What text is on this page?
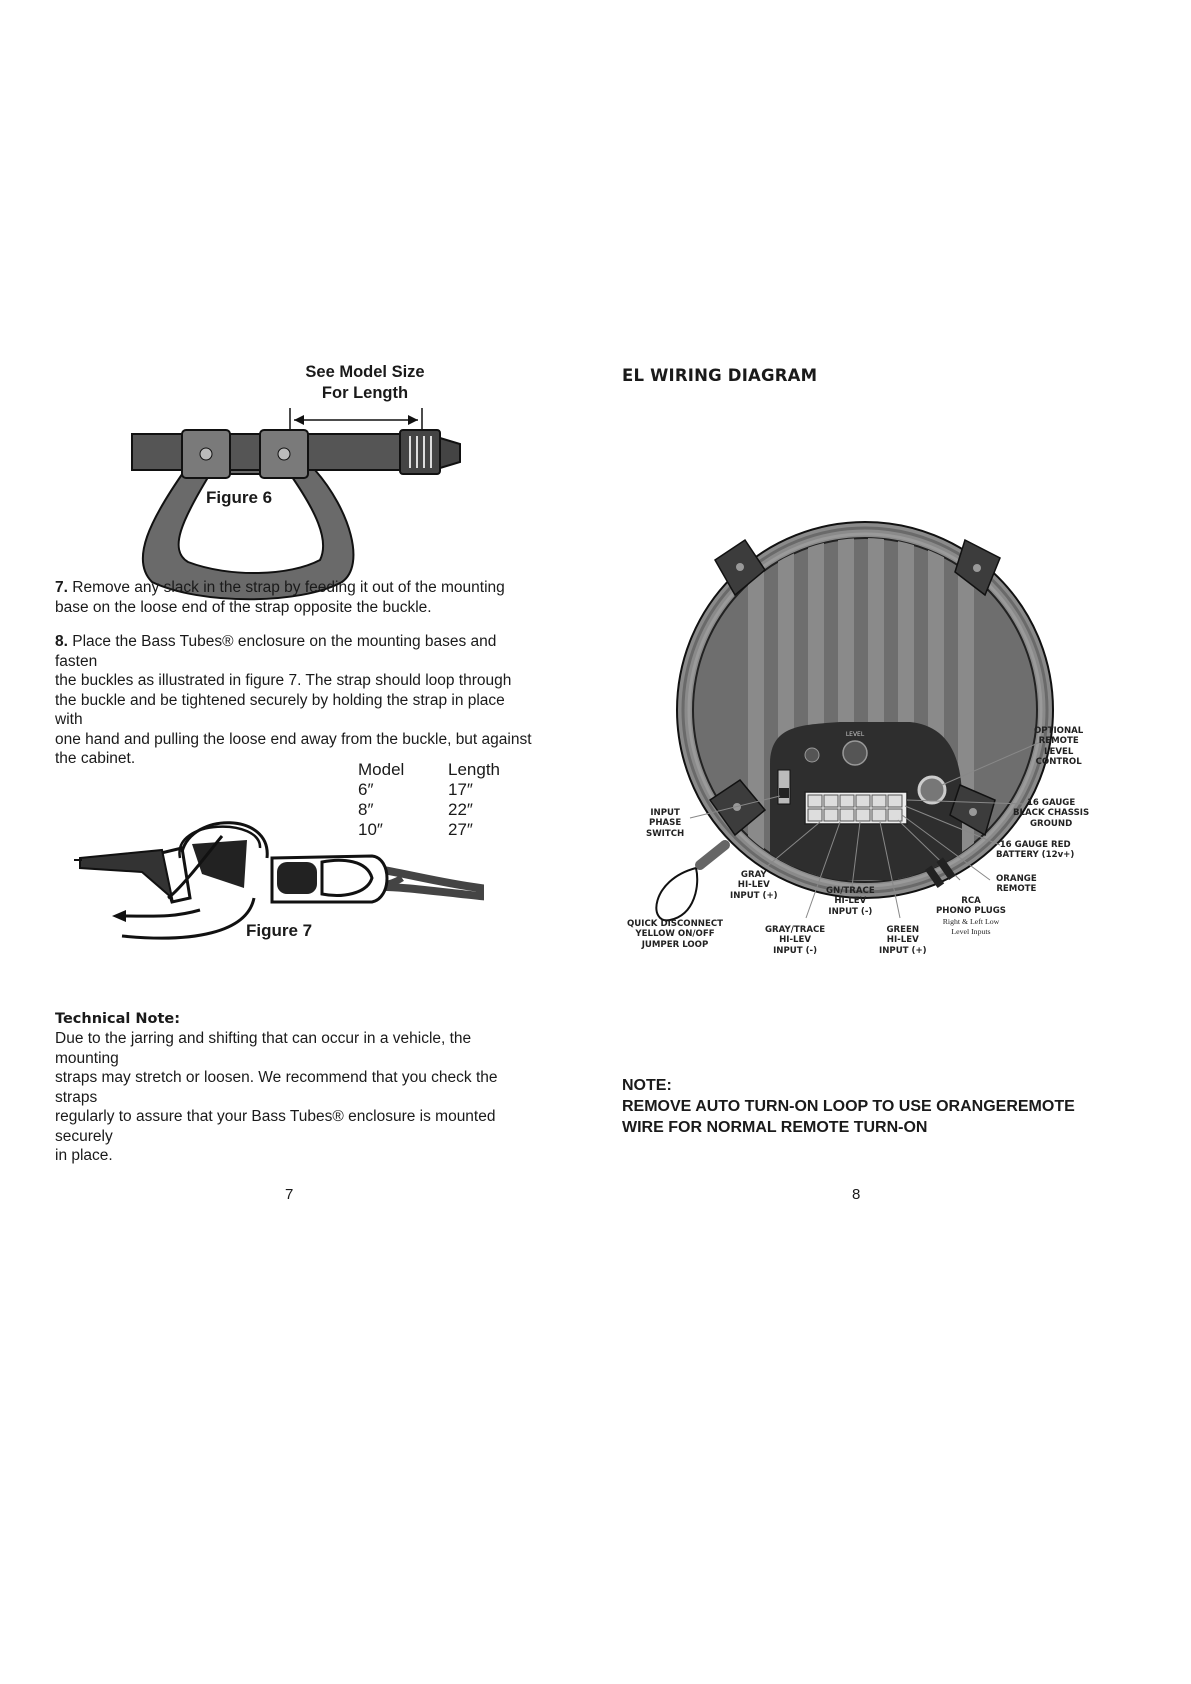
See Model Size
For Length
Figure 6
7. Remove any slack in the strap by feeding it out of the mounting
base on the loose end of the strap opposite the buckle.
8. Place the Bass Tubes® enclosure on the mounting bases and fasten
the buckles as illustrated in figure 7. The strap should loop through
the buckle and be tightened securely by holding the strap in place with
one hand and pulling the loose end away from the buckle, but against
the cabinet.
Model	Length
6″	17″
8″	22″
10″	27″
Figure 7
Technical Note:
Due to the jarring and shifting that can occur in a vehicle, the mounting
straps may stretch or loosen. We recommend that you check the straps
regularly to assure that your Bass Tubes® enclosure is mounted securely
in place.
7
EL WIRING DIAGRAM
LEVEL	OPTIONAL
REMOTE
LEVEL
CONTROL
16 GAUGE
BLACK CHASSIS
GROUND
16 GAUGE RED
BATTERY (12v+)
ORANGE
REMOTE
RCA
PHONO PLUGS
Right & Left Low
Level Inputs
GREEN
HI-LEV
INPUT (+)
GN/TRACE
HI-LEV
INPUT (-)
GRAY/TRACE
HI-LEV
INPUT (-)
GRAY
HI-LEV
INPUT (+)
INPUT
PHASE
SWITCH
QUICK DISCONNECT
YELLOW ON/OFF
JUMPER LOOP
NOTE:
REMOVE AUTO TURN-ON LOOP TO USE ORANGEREMOTE
WIRE FOR NORMAL REMOTE TURN-ON
8
